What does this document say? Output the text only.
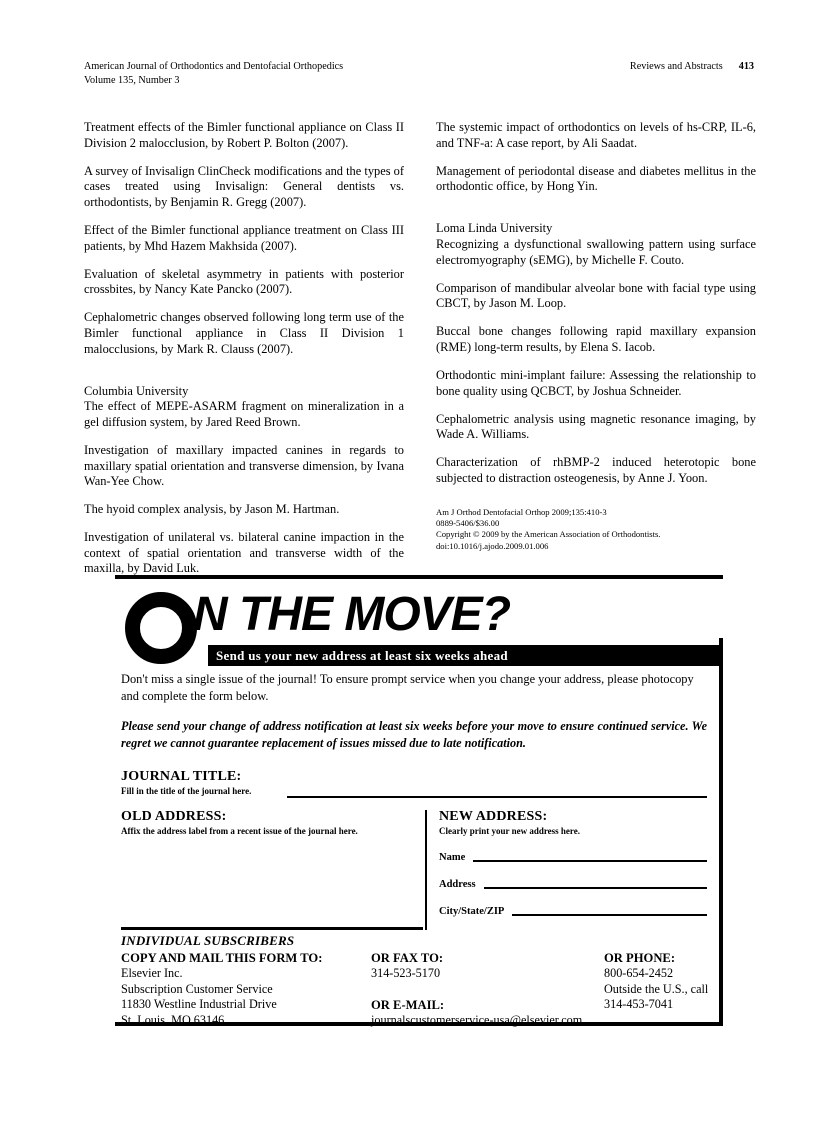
American Journal of Orthodontics and Dentofacial Orthopedics
Volume 135, Number 3
Reviews and Abstracts 413

Treatment effects of the Bimler functional appliance on Class II Division 2 malocclusion, by Robert P. Bolton (2007).

A survey of Invisalign ClinCheck modifications and the types of cases treated using Invisalign: General dentists vs. orthodontists, by Benjamin R. Gregg (2007).

Effect of the Bimler functional appliance treatment on Class III patients, by Mhd Hazem Makhsida (2007).

Evaluation of skeletal asymmetry in patients with posterior crossbites, by Nancy Kate Pancko (2007).

Cephalometric changes observed following long term use of the Bimler functional appliance in Class II Division 1 malocclusions, by Mark R. Clauss (2007).

Columbia University

The effect of MEPE-ASARM fragment on mineralization in a gel diffusion system, by Jared Reed Brown.

Investigation of maxillary impacted canines in regards to maxillary spatial orientation and transverse dimension, by Ivana Wan-Yee Chow.

The hyoid complex analysis, by Jason M. Hartman.

Investigation of unilateral vs. bilateral canine impaction in the context of spatial orientation and transverse width of the maxilla, by David Luk.

The systemic impact of orthodontics on levels of hs-CRP, IL-6, and TNF-a: A case report, by Ali Saadat.

Management of periodontal disease and diabetes mellitus in the orthodontic office, by Hong Yin.

Loma Linda University

Recognizing a dysfunctional swallowing pattern using surface electromyography (sEMG), by Michelle F. Couto.

Comparison of mandibular alveolar bone with facial type using CBCT, by Jason M. Loop.

Buccal bone changes following rapid maxillary expansion (RME) long-term results, by Elena S. Iacob.

Orthodontic mini-implant failure: Assessing the relationship to bone quality using QCBCT, by Joshua Schneider.

Cephalometric analysis using magnetic resonance imaging, by Wade A. Williams.

Characterization of rhBMP-2 induced heterotopic bone subjected to distraction osteogenesis, by Anne J. Yoon.

Am J Orthod Dentofacial Orthop 2009;135:410-3
0889-5406/$36.00
Copyright © 2009 by the American Association of Orthodontists.
doi:10.1016/j.ajodo.2009.01.006
N THE MOVE?
Send us your new address at least six weeks ahead

Don't miss a single issue of the journal! To ensure prompt service when you change your address, please photocopy and complete the form below.

Please send your change of address notification at least six weeks before your move to ensure continued service. We regret we cannot guarantee replacement of issues missed due to late notification.

JOURNAL TITLE:
Fill in the title of the journal here.
OLD ADDRESS:
Affix the address label from a recent issue of the journal here.
NEW ADDRESS:
Clearly print your new address here.
Name
Address
City/State/ZIP
INDIVIDUAL SUBSCRIBERS
COPY AND MAIL THIS FORM TO:
Elsevier Inc.
Subscription Customer Service
11830 Westline Industrial Drive
St. Louis, MO 63146
OR FAX TO:
314-523-5170
OR E-MAIL:
journalscustomerservice-usa@elsevier.com
OR PHONE:
800-654-2452
Outside the U.S., call
314-453-7041
